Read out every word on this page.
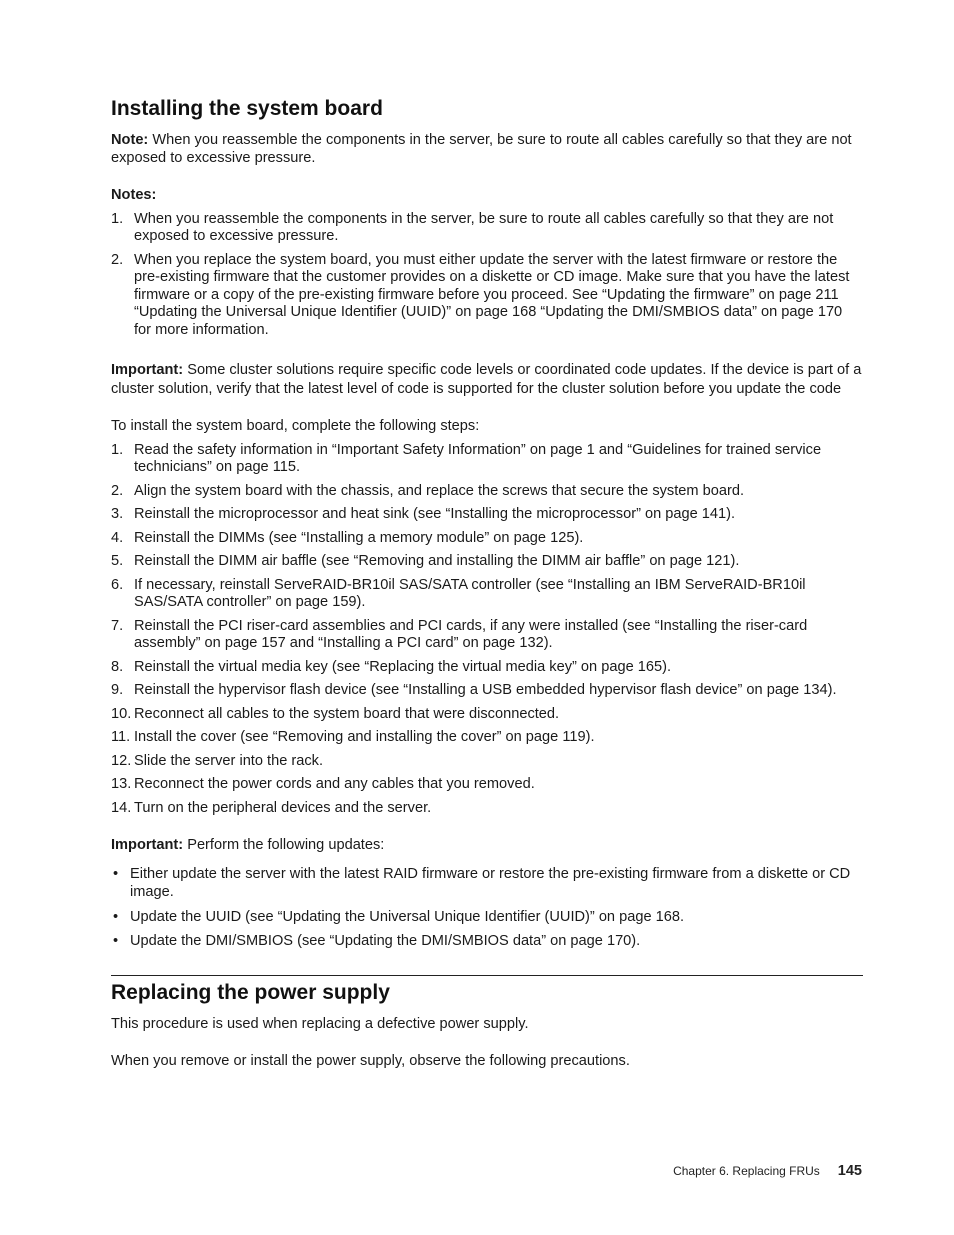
Installing the system board

Note: When you reassemble the components in the server, be sure to route all cables carefully so that they are not exposed to excessive pressure.

Notes:

1. When you reassemble the components in the server, be sure to route all cables carefully so that they are not exposed to excessive pressure.
2. When you replace the system board, you must either update the server with the latest firmware or restore the pre-existing firmware that the customer provides on a diskette or CD image. Make sure that you have the latest firmware or a copy of the pre-existing firmware before you proceed. See “Updating the firmware” on page 211 “Updating the Universal Unique Identifier (UUID)” on page 168 “Updating the DMI/SMBIOS data” on page 170 for more information.

Important: Some cluster solutions require specific code levels or coordinated code updates. If the device is part of a cluster solution, verify that the latest level of code is supported for the cluster solution before you update the code

To install the system board, complete the following steps:

1. Read the safety information in “Important Safety Information” on page 1 and “Guidelines for trained service technicians” on page 115.
2. Align the system board with the chassis, and replace the screws that secure the system board.
3. Reinstall the microprocessor and heat sink (see “Installing the microprocessor” on page 141).
4. Reinstall the DIMMs (see “Installing a memory module” on page 125).
5. Reinstall the DIMM air baffle (see “Removing and installing the DIMM air baffle” on page 121).
6. If necessary, reinstall ServeRAID-BR10il SAS/SATA controller (see “Installing an IBM ServeRAID-BR10il SAS/SATA controller” on page 159).
7. Reinstall the PCI riser-card assemblies and PCI cards, if any were installed (see “Installing the riser-card assembly” on page 157 and “Installing a PCI card” on page 132).
8. Reinstall the virtual media key (see “Replacing the virtual media key” on page 165).
9. Reinstall the hypervisor flash device (see “Installing a USB embedded hypervisor flash device” on page 134).
10. Reconnect all cables to the system board that were disconnected.
11. Install the cover (see “Removing and installing the cover” on page 119).
12. Slide the server into the rack.
13. Reconnect the power cords and any cables that you removed.
14. Turn on the peripheral devices and the server.

Important: Perform the following updates:

• Either update the server with the latest RAID firmware or restore the pre-existing firmware from a diskette or CD image.
• Update the UUID (see “Updating the Universal Unique Identifier (UUID)” on page 168.
• Update the DMI/SMBIOS (see “Updating the DMI/SMBIOS data” on page 170).
Replacing the power supply

This procedure is used when replacing a defective power supply.

When you remove or install the power supply, observe the following precautions.

Chapter 6. Replacing FRUs 145
